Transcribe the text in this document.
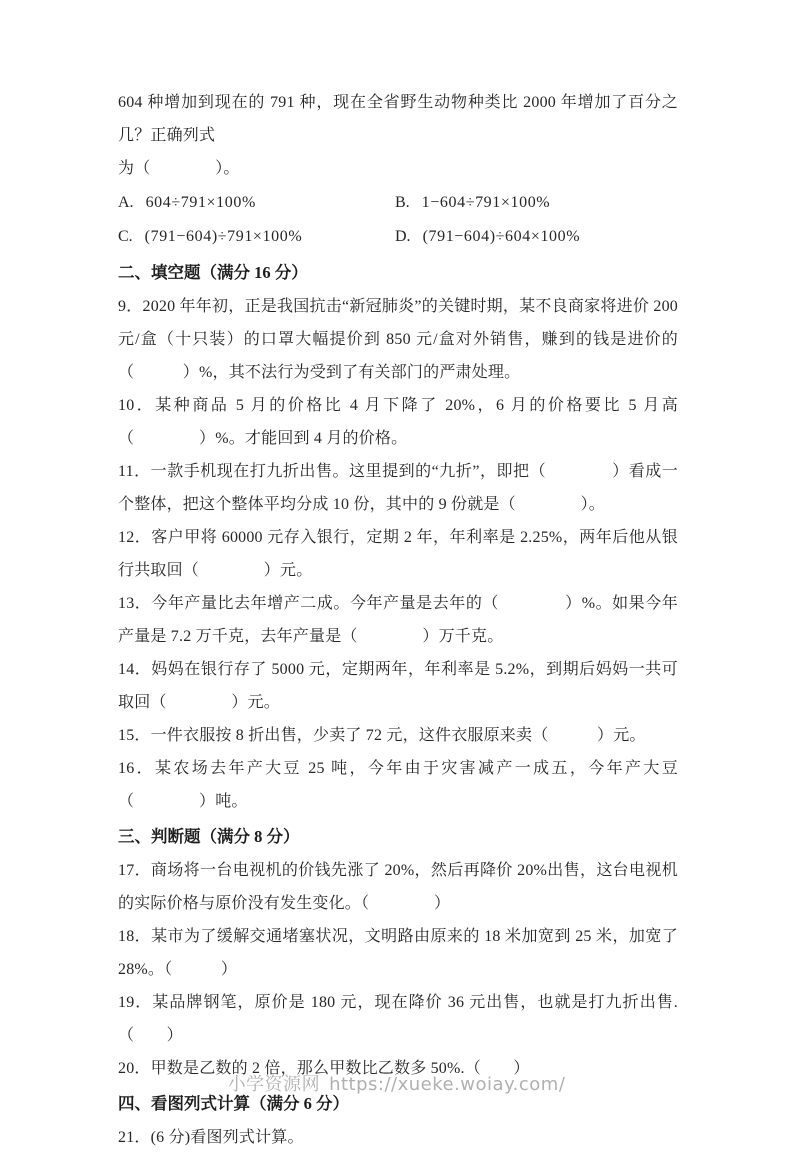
604 种增加到现在的 791 种，现在全省野生动物种类比 2000 年增加了百分之几？正确列式

为（　　　　）。

A. 604÷791×100%	B. 1−604÷791×100%
C. (791−604)÷791×100%	D. (791−604)÷604×100%
二、填空题（满分 16 分）

9．2020 年年初，正是我国抗击“新冠肺炎”的关键时期，某不良商家将进价 200 元/盒（十只装）的口罩大幅提价到 850 元/盒对外销售，赚到的钱是进价的（　　　）%，其不法行为受到了有关部门的严肃处理。

10．某种商品 5 月的价格比 4 月下降了 20%，6 月的价格要比 5 月高（　　　　）%。才能回到 4 月的价格。

11．一款手机现在打九折出售。这里提到的“九折”，即把（　　　　）看成一个整体，把这个整体平均分成 10 份，其中的 9 份就是（　　　　）。

12．客户甲将 60000 元存入银行，定期 2 年，年利率是 2.25%，两年后他从银行共取回（　　　　）元。

13．今年产量比去年增产二成。今年产量是去年的（　　　　）%。如果今年产量是 7.2 万千克，去年产量是（　　　　）万千克。

14．妈妈在银行存了 5000 元，定期两年，年利率是 5.2%，到期后妈妈一共可取回（　　　　）元。

15．一件衣服按 8 折出售，少卖了 72 元，这件衣服原来卖（　　　）元。

16．某农场去年产大豆 25 吨，今年由于灾害减产一成五，今年产大豆（　　　　）吨。

三、判断题（满分 8 分）

17．商场将一台电视机的价钱先涨了 20%，然后再降价 20%出售，这台电视机的实际价格与原价没有发生变化。（　　　　）

18．某市为了缓解交通堵塞状况，文明路由原来的 18 米加宽到 25 米，加宽了 28%。（　　　）

19．某品牌钢笔，原价是 180 元，现在降价 36 元出售，也就是打九折出售.　　（　　）

20．甲数是乙数的 2 倍，那么甲数比乙数多 50%.（　　）

四、看图列式计算（满分 6 分）

21．(6 分)看图列式计算。

小学资源网 https://xueke.woiay.com/
